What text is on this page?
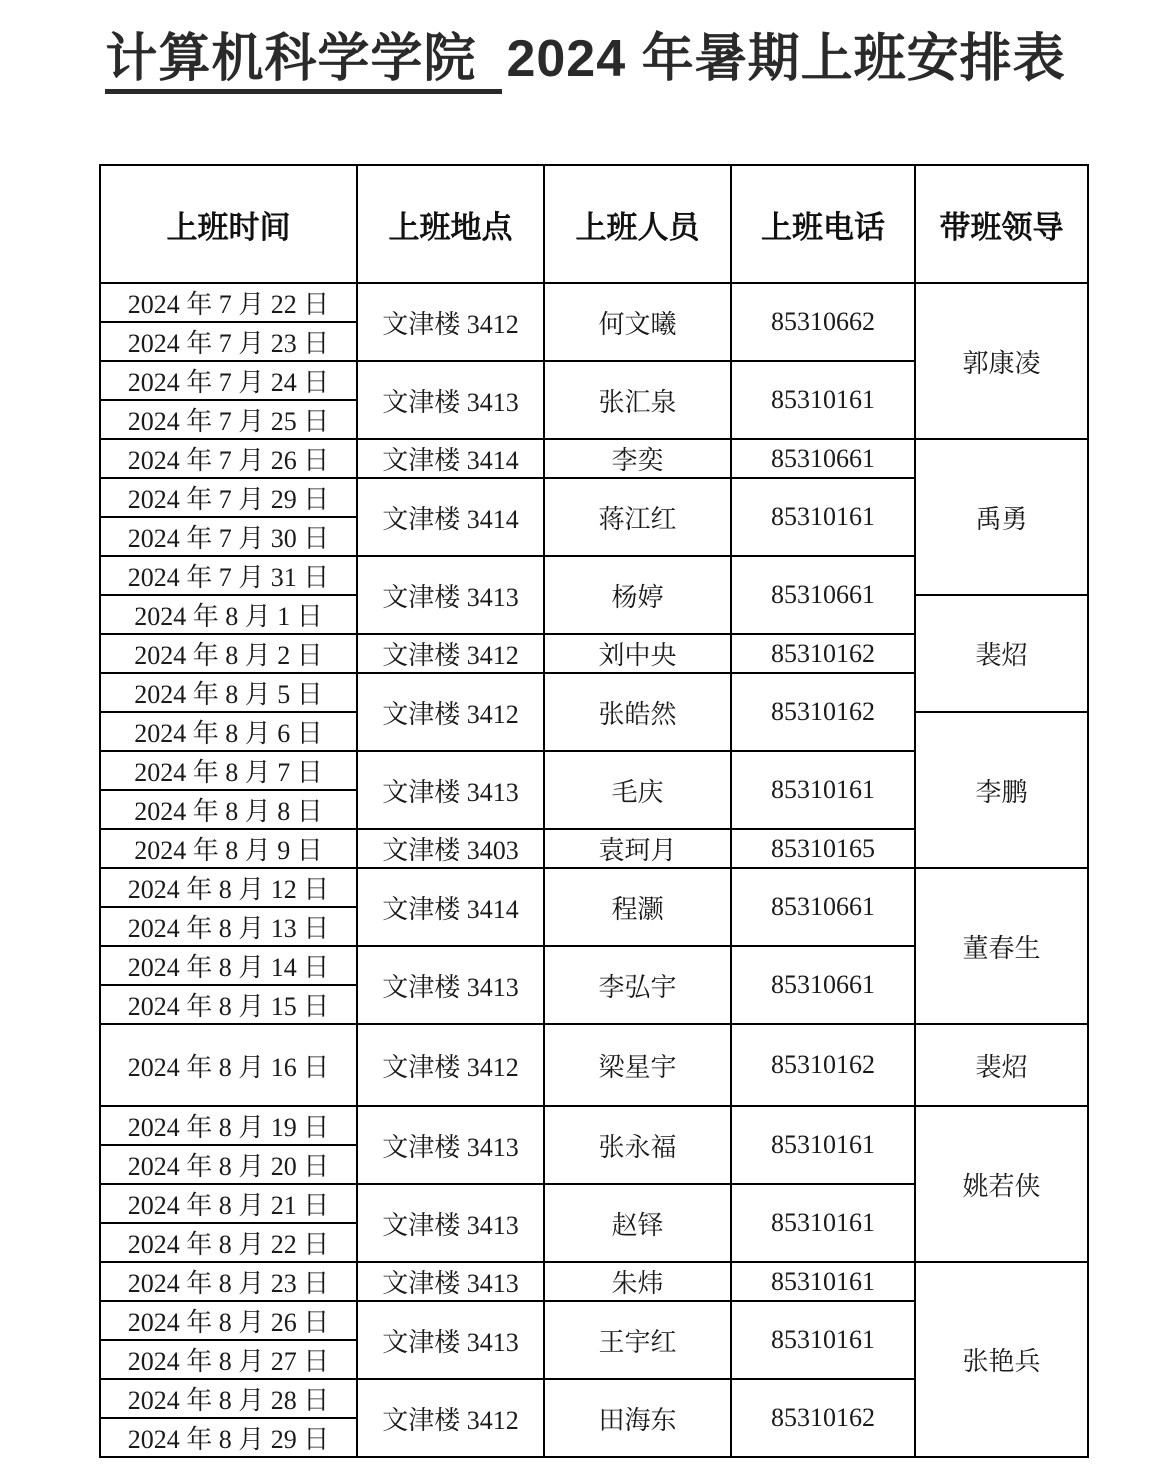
计算机科学学院 2024 年暑期上班安排表
上班时间	上班地点	上班人员	上班电话	带班领导
2024 年 7 月 22 日	文津楼 3412	何文曦	85310662	郭康凌
2024 年 7 月 23 日				
2024 年 7 月 24 日	文津楼 3413	张汇泉	85310161	
2024 年 7 月 25 日				
2024 年 7 月 26 日	文津楼 3414	李奕	85310661	禹勇
2024 年 7 月 29 日	文津楼 3414	蒋江红	85310161	
2024 年 7 月 30 日				
2024 年 7 月 31 日	文津楼 3413	杨婷	85310661	
2024 年 8 月 1 日				裴炤
2024 年 8 月 2 日	文津楼 3412	刘中央	85310162	
2024 年 8 月 5 日	文津楼 3412	张皓然	85310162	
2024 年 8 月 6 日				李鹏
2024 年 8 月 7 日	文津楼 3413	毛庆	85310161	
2024 年 8 月 8 日				
2024 年 8 月 9 日	文津楼 3403	袁珂月	85310165	
2024 年 8 月 12 日	文津楼 3414	程灏	85310661	董春生
2024 年 8 月 13 日				
2024 年 8 月 14 日	文津楼 3413	李弘宇	85310661	
2024 年 8 月 15 日				
2024 年 8 月 16 日	文津楼 3412	梁星宇	85310162	裴炤
2024 年 8 月 19 日	文津楼 3413	张永福	85310161	姚若侠
2024 年 8 月 20 日				
2024 年 8 月 21 日	文津楼 3413	赵铎	85310161	
2024 年 8 月 22 日				
2024 年 8 月 23 日	文津楼 3413	朱炜	85310161	张艳兵
2024 年 8 月 26 日	文津楼 3413	王宇红	85310161	
2024 年 8 月 27 日				
2024 年 8 月 28 日	文津楼 3412	田海东	85310162	
2024 年 8 月 29 日				
